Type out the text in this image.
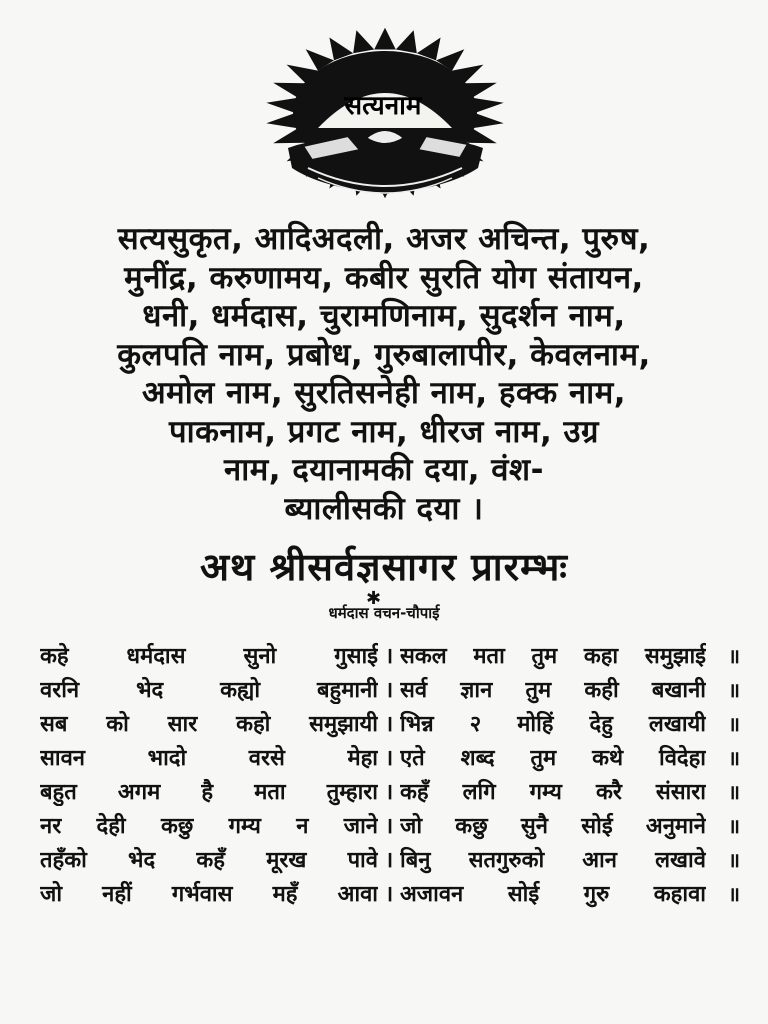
सत्यनाम
सत्यसुकृत, आदिअदली, अजर अचिन्त, पुरुष,
मुनींद्र, करुणामय, कबीर सुरति योग संतायन,
धनी, धर्मदास, चुरामणिनाम, सुदर्शन नाम,
कुलपति नाम, प्रबोध, गुरुबालापीर, केवलनाम,
अमोल नाम, सुरतिसनेही नाम, हक्क नाम,
पाकनाम, प्रगट नाम, धीरज नाम, उग्र
नाम, दयानामकी दया, वंश-
ब्यालीसकी दया ।
अथ श्रीसर्वज्ञसागर प्रारम्भः
✱
धर्मदास वचन-चौपाई
कहे धर्मदास सुनो गुसाई । सकल मता तुम कहा समुझाई	॥
वरनि भेद कह्यो बहुमानी । सर्व ज्ञान तुम कही बखानी	॥
सब को सार कहो समुझायी । भिन्न २ मोहिं देहु लखायी	॥
सावन भादो वरसे मेहा । एते शब्द तुम कथे विदेहा	॥
बहुत अगम है मता तुम्हारा । कहँ लगि गम्य करै संसारा	॥
नर देही कछु गम्य न जाने । जो कछु सुनै सोई अनुमाने	॥
तहँको भेद कहँ मूरख पावे । बिनु सतगुरुको आन लखावे	॥
जो नहीं गर्भवास महँ आवा । अजावन सोई गुरु कहावा	॥
